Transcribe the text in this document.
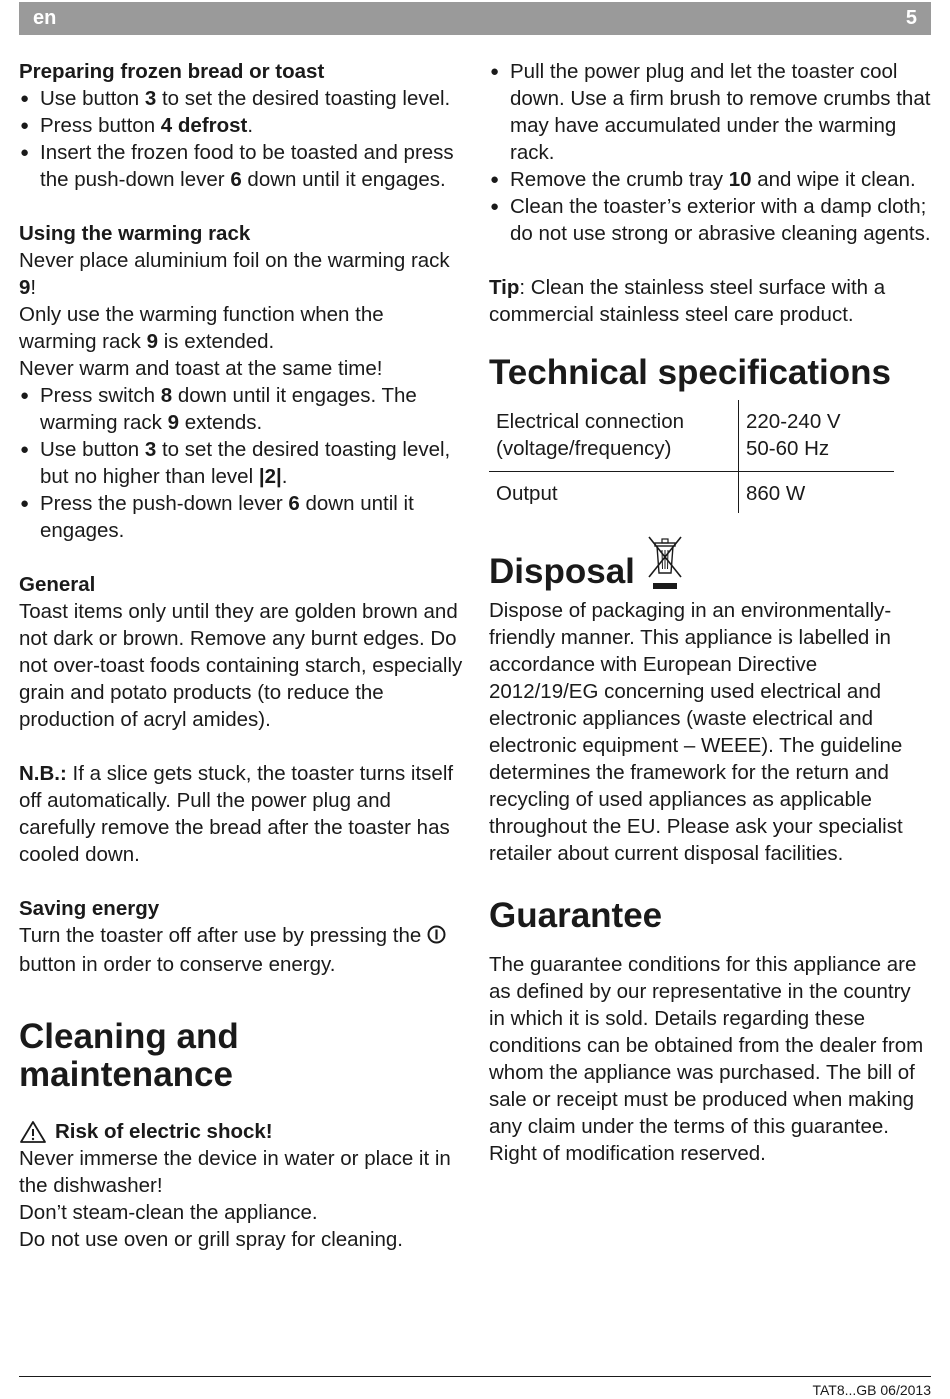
en	5

Preparing frozen bread or toast

● Use button 3 to set the desired toasting level.
● Press button 4 defrost.
● Insert the frozen food to be toasted and press the push-down lever 6 down until it engages.

Using the warming rack

Never place aluminium foil on the warming rack 9!

Only use the warming function when the warming rack 9 is extended.

Never warm and toast at the same time!

● Press switch 8 down until it engages. The warming rack 9 extends.
● Use button 3 to set the desired toasting level, but no higher than level |2|.
● Press the push-down lever 6 down until it engages.

General

Toast items only until they are golden brown and not dark or brown. Remove any burnt edges. Do not over-toast foods containing starch, especially grain and potato products (to reduce the production of acryl amides).

N.B.: If a slice gets stuck, the toaster turns itself off automatically. Pull the power plug and carefully remove the bread after the toaster has cooled down.

Saving energy

Turn the toaster off after use by pressing the  button in order to conserve energy.

Cleaning and
maintenance

Risk of electric shock!

Never immerse the device in water or place it in the dishwasher!

Don’t steam-clean the appliance.

Do not use oven or grill spray for cleaning.

● Pull the power plug and let the toaster cool down. Use a firm brush to remove crumbs that may have accumulated under the warming rack.
● Remove the crumb tray 10 and wipe it clean.
● Clean the toaster’s exterior with a damp cloth; do not use strong or abrasive cleaning agents.

Tip: Clean the stainless steel surface with a commercial stainless steel care product.

Technical specifications
Electrical connection
(voltage/frequency)	220-240 V
50-60 Hz
Output	860 W
Disposal

Dispose of packaging in an environmentally-friendly manner. This appliance is labelled in accordance with European Directive 2012/19/EG concerning used electrical and electronic appliances (waste electrical and electronic equipment – WEEE). The guideline determines the framework for the return and recycling of used appliances as applicable throughout the EU. Please ask your specialist retailer about current disposal facilities.

Guarantee

The guarantee conditions for this appliance are as defined by our representative in the country in which it is sold. Details regarding these conditions can be obtained from the dealer from whom the appliance was purchased. The bill of sale or receipt must be produced when making any claim under the terms of this guarantee.

Right of modification reserved.

TAT8...GB 06/2013
